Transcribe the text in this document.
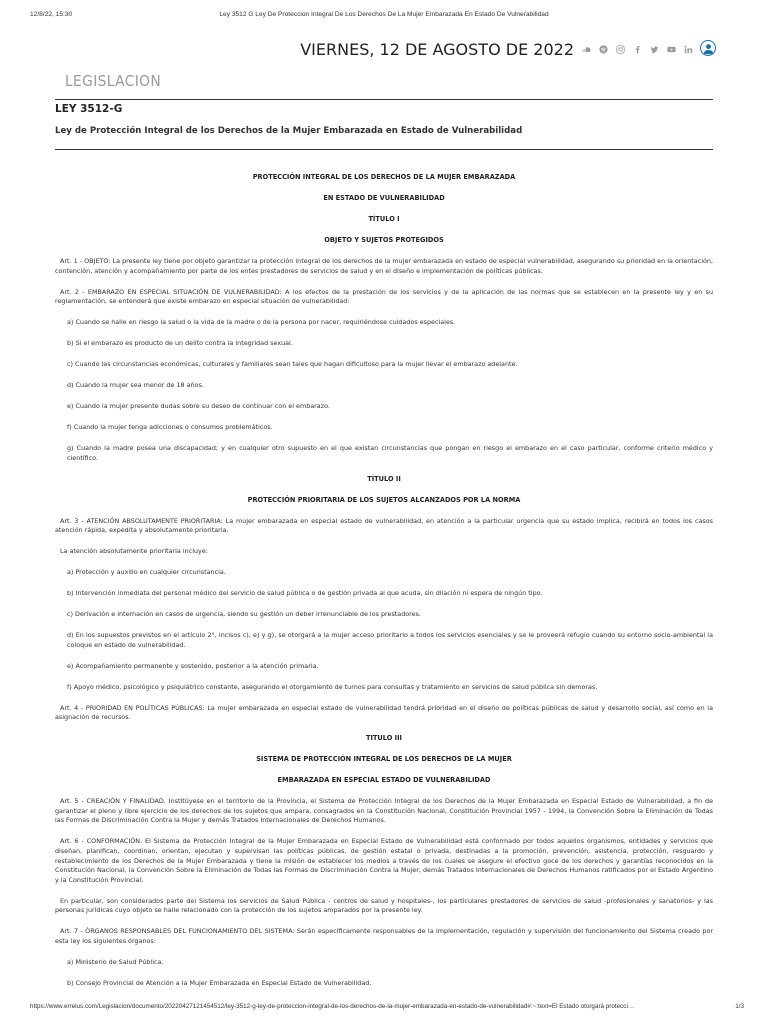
12/8/22, 15:30	Ley 3512 G Ley De Proteccion Integral De Los Derechos De La Mujer Embarazada En Estado De Vulnerabilidad
VIERNES, 12 DE AGOSTO DE 2022
LEGISLACION
LEY 3512-G
Ley de Protección Integral de los Derechos de la Mujer Embarazada en Estado de Vulnerabilidad
PROTECCIÓN INTEGRAL DE LOS DERECHOS DE LA MUJER EMBARAZADA
EN ESTADO DE VULNERABILIDAD
TÍTULO I
OBJETO Y SUJETOS PROTEGIDOS

Art. 1 - OBJETO: La presente ley tiene por objeto garantizar la protección integral de los derechos de la mujer embarazada en estado de especial vulnerabilidad, asegurando su prioridad en la orientación, contención, atención y acompañamiento por parte de los entes prestadores de servicios de salud y en el diseño e implementación de políticas públicas.

Art. 2 - EMBARAZO EN ESPECIAL SITUACIÓN DE VULNERABILIDAD: A los efectos de la prestación de los servicios y de la aplicación de las normas que se establecen en la presente ley y en su reglamentación, se entenderá que existe embarazo en especial situación de vulnerabilidad:

a) Cuando se halle en riesgo la salud o la vida de la madre o de la persona por nacer, requiriéndose cuidados especiales.

b) Si el embarazo es producto de un delito contra la integridad sexual.

c) Cuando las circunstancias económicas, culturales y familiares sean tales que hagan dificultoso para la mujer llevar el embarazo adelante.

d) Cuando la mujer sea menor de 18 años.

e) Cuando la mujer presente dudas sobre su deseo de continuar con el embarazo.

f) Cuando la mujer tenga adicciones o consumos problemáticos.

g) Cuando la madre posea una discapacidad; y en cualquier otro supuesto en el que existan circunstancias que pongan en riesgo el embarazo en el caso particular, conforme criterio médico y científico.

TÍTULO II
PROTECCIÓN PRIORITARIA DE LOS SUJETOS ALCANZADOS POR LA NORMA

Art. 3 - ATENCIÓN ABSOLUTAMENTE PRIORITARIA: La mujer embarazada en especial estado de vulnerabilidad, en atención a la particular urgencia que su estado implica, recibirá en todos los casos atención rápida, expedita y absolutamente prioritaria.

La atención absolutamente prioritaria incluye:

a) Protección y auxilio en cualquier circunstancia.

b) Intervención inmediata del personal médico del servicio de salud pública o de gestión privada al que acuda, sin dilación ni espera de ningún tipo.

c) Derivación e internación en casos de urgencia, siendo su gestión un deber irrenunciable de los prestadores.

d) En los supuestos previstos en el artículo 2°, incisos c), e) y g), se otorgará a la mujer acceso prioritario a todos los servicios esenciales y se le proveerá refugio cuando su entorno socio-ambiental la coloque en estado de vulnerabilidad.

e) Acompañamiento permanente y sostenido, posterior a la atención primaria.

f) Apoyo médico, psicológico y psiquiátrico constante, asegurando el otorgamiento de turnos para consultas y tratamiento en servicios de salud pública sin demoras.

Art. 4 - PRIORIDAD EN POLÍTICAS PÚBLICAS: La mujer embarazada en especial estado de vulnerabilidad tendrá prioridad en el diseño de políticas públicas de salud y desarrollo social, así como en la asignación de recursos.

TITULO III
SISTEMA DE PROTECCIÓN INTEGRAL DE LOS DERECHOS DE LA MUJER
EMBARAZADA EN ESPECIAL ESTADO DE VULNERABILIDAD

Art. 5 - CREACIÓN Y FINALIDAD. Institúyese en el territorio de la Provincia, el Sistema de Protección Integral de los Derechos de la Mujer Embarazada en Especial Estado de Vulnerabilidad, a fin de garantizar el pleno y libre ejercicio de los derechos de los sujetos que ampara, consagrados en la Constitución Nacional, Constitución Provincial 1957 - 1994, la Convención Sobre la Eliminación de Todas las Formas de Discriminación Contra la Mujer y demás Tratados Internacionales de Derechos Humanos.

Art. 6 - CONFORMACIÓN. El Sistema de Protección Integral de la Mujer Embarazada en Especial Estado de Vulnerabilidad está conformado por todos aquellos organismos, entidades y servicios que diseñan, planifican, coordinan, orientan, ejecutan y supervisan las políticas públicas, de gestión estatal o privada, destinadas a la promoción, prevención, asistencia, protección, resguardo y restablecimiento de los Derechos de la Mujer Embarazada y tiene la misión de establecer los medios a través de los cuales se asegure el efectivo goce de los derechos y garantías reconocidos en la Constitución Nacional, la Convención Sobre la Eliminación de Todas las Formas de Discriminación Contra la Mujer, demás Tratados Internacionales de Derechos Humanos ratificados por el Estado Argentino y la Constitución Provincial.

En particular, son considerados parte del Sistema los servicios de Salud Pública - centros de salud y hospitales-, los particulares prestadores de servicios de salud -profesionales y sanatorios- y las personas jurídicas cuyo objeto se halle relacionado con la protección de los sujetos amparados por la presente ley.

Art. 7 - ÓRGANOS RESPONSABLES DEL FUNCIONAMIENTO DEL SISTEMA: Serán específicamente responsables de la implementación, regulación y supervisión del funcionamiento del Sistema creado por esta ley los siguientes órganos:

a) Ministerio de Salud Pública.

b) Consejo Provincial de Atención a la Mujer Embarazada en Especial Estado de Vulnerabilidad.

https://www.erreius.com/Legislacion/documento/20220427121454512/ley-3512-g-ley-de-proteccion-integral-de-los-derechos-de-la-mujer-embarazada-en-estado-de-vulnerabilidad#:~:text=El Estado otorgará protecci…	1/3
